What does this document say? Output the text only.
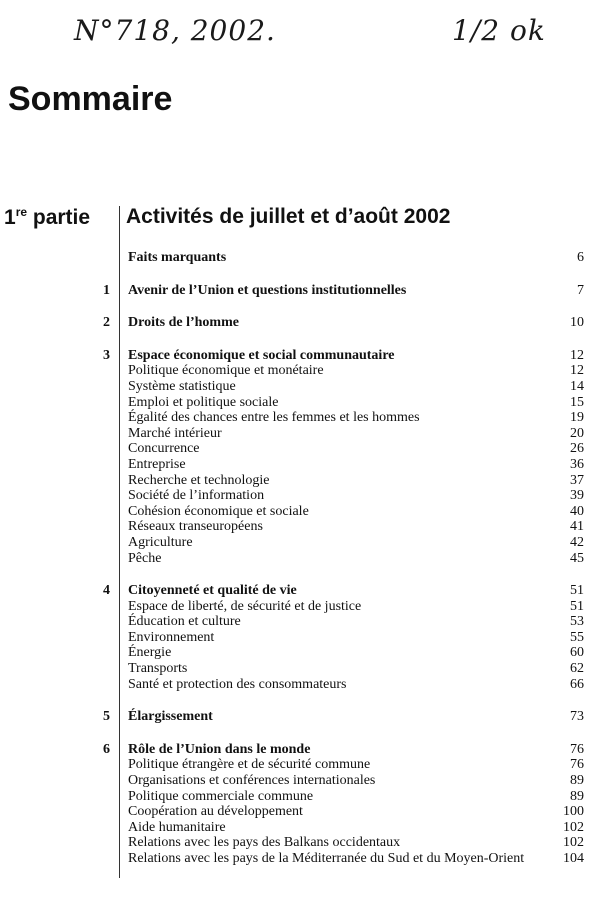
N°718, 2002.	1/2 ok
Sommaire
1re partie Activités de juillet et d’août 2002
Faits marquants	6
1 Avenir de l’Union et questions institutionnelles	7
2 Droits de l’homme	10
3 Espace économique et social communautaire	12
Politique économique et monétaire	12
Système statistique	14
Emploi et politique sociale	15
Égalité des chances entre les femmes et les hommes	19
Marché intérieur	20
Concurrence	26
Entreprise	36
Recherche et technologie	37
Société de l’information	39
Cohésion économique et sociale	40
Réseaux transeuropéens	41
Agriculture	42
Pêche	45
4 Citoyenneté et qualité de vie	51
Espace de liberté, de sécurité et de justice	51
Éducation et culture	53
Environnement	55
Énergie	60
Transports	62
Santé et protection des consommateurs	66
5 Élargissement	73
6 Rôle de l’Union dans le monde	76
Politique étrangère et de sécurité commune	76
Organisations et conférences internationales	89
Politique commerciale commune	89
Coopération au développement	100
Aide humanitaire	102
Relations avec les pays des Balkans occidentaux	102
Relations avec les pays de la Méditerranée du Sud et du Moyen-Orient	104
